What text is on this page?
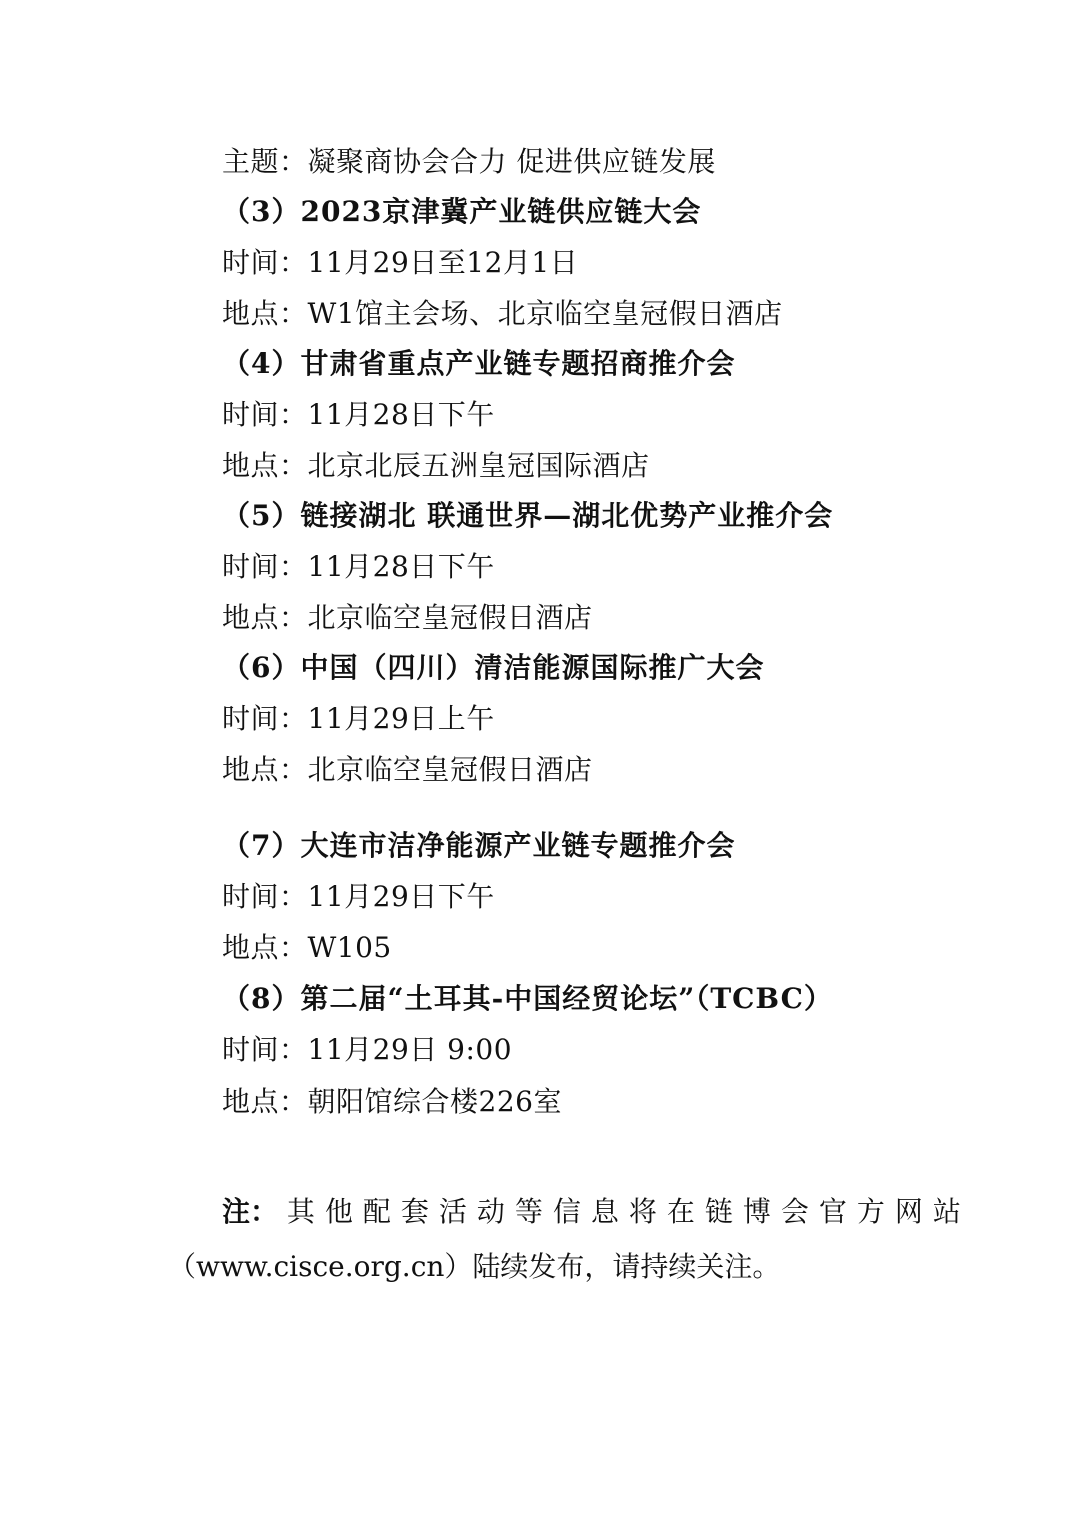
主题：凝聚商协会合力 促进供应链发展
（3）2023京津冀产业链供应链大会
时间：11月29日至12月1日
地点：W1馆主会场、北京临空皇冠假日酒店
（4）甘肃省重点产业链专题招商推介会
时间：11月28日下午
地点：北京北辰五洲皇冠国际酒店
（5）链接湖北 联通世界—湖北优势产业推介会
时间：11月28日下午
地点：北京临空皇冠假日酒店
（6）中国（四川）清洁能源国际推广大会
时间：11月29日上午
地点：北京临空皇冠假日酒店
（7）大连市洁净能源产业链专题推介会
时间：11月29日下午
地点：W105
（8）第二届“土耳其-中国经贸论坛”（TCBC）
时间：11月29日 9:00
地点：朝阳馆综合楼226室
注： 其他配套活动等信息将在链博会官方网站
（www.cisce.org.cn）陆续发布，请持续关注。
